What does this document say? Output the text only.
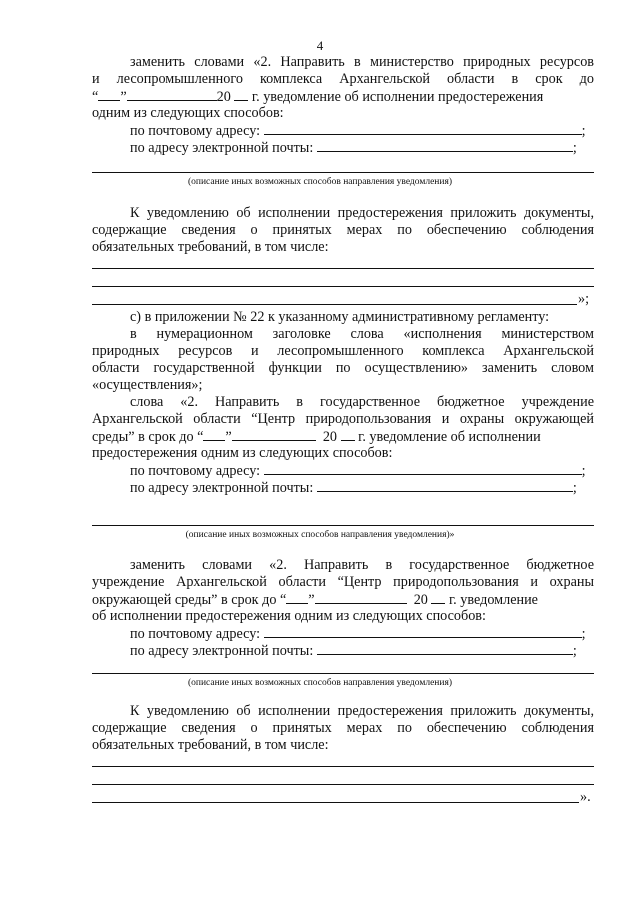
4
заменить словами «2. Направить в министерство природных ресурсов
и лесопромышленного комплекса Архангельской области в срок до
“ ”	20 г. уведомление об исполнении предостережения
одним из следующих способов:
по почтовому адресу:	;
по адресу электронной почты:	;
(описание иных возможных способов направления уведомления)
К уведомлению об исполнении предостережения приложить документы,
содержащие сведения о принятых мерах по обеспечению соблюдения
обязательных требований, в том числе:
»;
с) в приложении № 22 к указанному административному регламенту:
в нумерационном заголовке слова «исполнения министерством
природных ресурсов и лесопромышленного комплекса Архангельской
области государственной функции по осуществлению» заменить словом
«осуществления»;
слова «2. Направить в государственное бюджетное учреждение
Архангельской области “Центр природопользования и охраны окружающей
среды” в срок до “ ”	20 г. уведомление об исполнении
предостережения одним из следующих способов:
по почтовому адресу:	;
по адресу электронной почты:	;
(описание иных возможных способов направления уведомления)»
заменить словами «2. Направить в государственное бюджетное
учреждение Архангельской области “Центр природопользования и охраны
окружающей среды” в срок до “ ”	20 г. уведомление
об исполнении предостережения одним из следующих способов:
по почтовому адресу:	;
по адресу электронной почты:	;
(описание иных возможных способов направления уведомления)
К уведомлению об исполнении предостережения приложить документы,
содержащие сведения о принятых мерах по обеспечению соблюдения
обязательных требований, в том числе:
».
